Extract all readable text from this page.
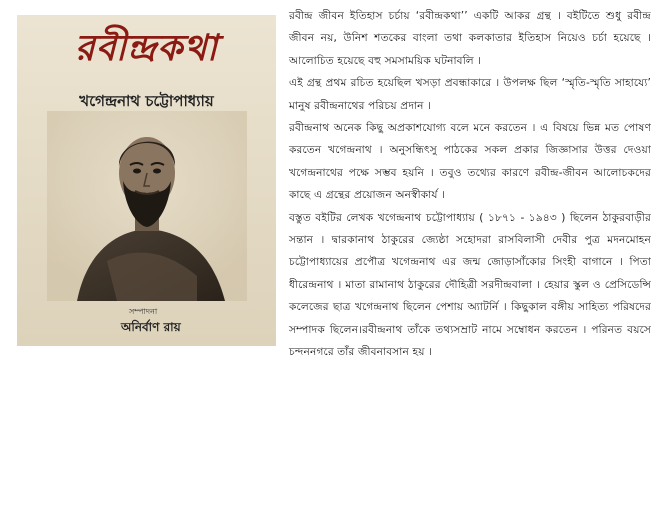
রবীন্দ্রকথা
খগেন্দ্রনাথ চট্টোপাধ্যায়
সম্পাদনা
অনির্বাণ রায়

রবীন্দ্র জীবন ইতিহাস চর্চায় ‘রবীন্দ্রকথা’’ একটি আকর গ্রন্থ । বইটিতে শুধু রবীন্দ্র জীবন নয়, উনিশ শতকের বাংলা তথা কলকাতার ইতিহাস নিয়েও চর্চা হয়েছে । আলোচিত হয়েছে বহু সমসাময়িক ঘটনাবলি ।

এই গ্রন্থ প্রথম রচিত হয়েছিল খসড়া প্রবন্ধাকারে । উপলক্ষ ছিল ‘স্মৃতি-স্মৃতি সাহায্যে’ মানুষ রবীন্দ্রনাথের পরিচয় প্রদান ।

রবীন্দ্রনাথ অনেক কিছু অপ্রকাশযোগ্য বলে মনে করতেন । এ বিষয়ে ভিন্ন মত পোষণ করতেন খগেন্দ্রনাথ । অনুসন্ধিৎসু পাঠকের সকল প্রকার জিজ্ঞাসার উত্তর দেওয়া খগেন্দ্রনাথের পক্ষে সম্ভব হয়নি । তবুও তথ্যের কারণে রবীন্দ্র-জীবন আলোচকদের কাছে এ গ্রন্থের প্রয়োজন অনস্বীকার্য ।

বস্তুত বইটির লেখক খগেন্দ্রনাথ চট্টোপাধ্যায় ( ১৮৭১ - ১৯৪৩ ) ছিলেন ঠাকুরবাড়ীর সন্তান । দ্বারকানাথ ঠাকুরের জ্যেষ্ঠা সহোদরা রাসবিলাসী দেবীর পুত্র মদনমোহন চট্টোপাধ্যায়ের প্রপৌত্র খগেন্দ্রনাথ এর জন্ম জোড়াসাঁকোর সিংহী বাগানে । পিতা ধীরেন্দ্রনাথ । মাতা রামানাথ ঠাকুরের দৌহিত্রী সরদীন্দ্রবালা । হেয়ার স্কুল ও প্রেসিডেন্সি কলেজের ছাত্র খগেন্দ্রনাথ ছিলেন পেশায় অ্যাটর্নি । কিছুকাল বঙ্গীয় সাহিত্য পরিষদের সম্পাদক ছিলেন।রবীন্দ্রনাথ তাঁকে তথ্যসম্রাট নামে সম্বোধন করতেন । পরিনত বয়সে চন্দননগরে তাঁর জীবনাবসান হয় ।
